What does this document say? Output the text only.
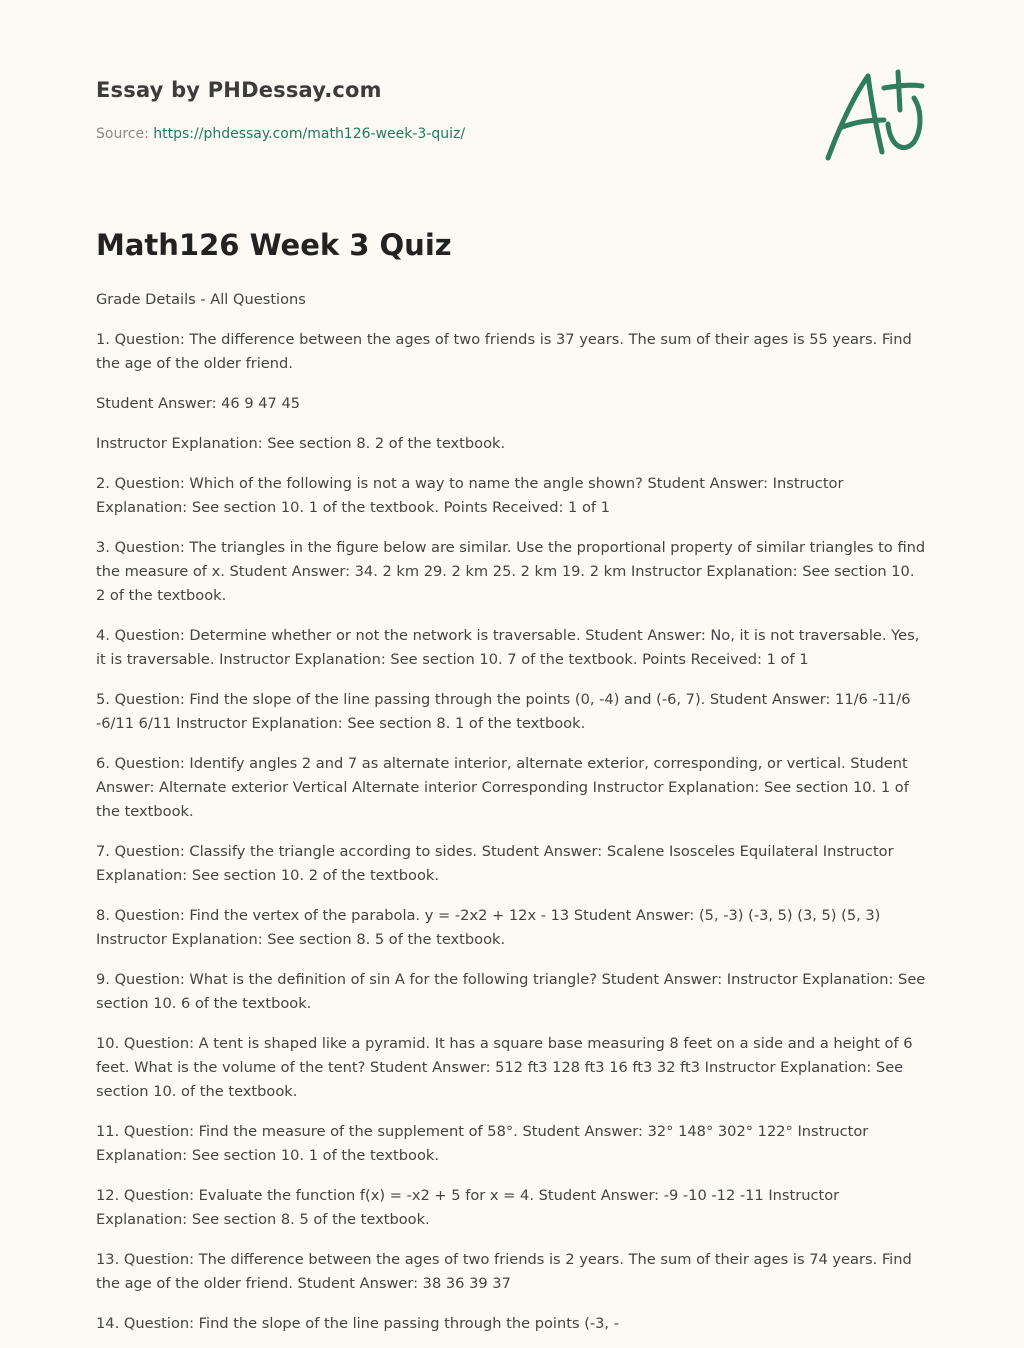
Essay by PHDessay.com
Source: https://phdessay.com/math126-week-3-quiz/
Math126 Week 3 Quiz

Grade Details - All Questions

1. Question: The difference between the ages of two friends is 37 years. The sum of their ages is 55 years. Find the age of the older friend.

Student Answer: 46 9 47 45

Instructor Explanation: See section 8. 2 of the textbook.

2. Question: Which of the following is not a way to name the angle shown? Student Answer: Instructor Explanation: See section 10. 1 of the textbook. Points Received: 1 of 1

3. Question: The triangles in the figure below are similar. Use the proportional property of similar triangles to find the measure of x. Student Answer: 34. 2 km 29. 2 km 25. 2 km 19. 2 km Instructor Explanation: See section 10. 2 of the textbook.

4. Question: Determine whether or not the network is traversable. Student Answer: No, it is not traversable. Yes, it is traversable. Instructor Explanation: See section 10. 7 of the textbook. Points Received: 1 of 1

5. Question: Find the slope of the line passing through the points (0, -4) and (-6, 7). Student Answer: 11/6 -11/6 -6/11 6/11 Instructor Explanation: See section 8. 1 of the textbook.

6. Question: Identify angles 2 and 7 as alternate interior, alternate exterior, corresponding, or vertical. Student Answer: Alternate exterior Vertical Alternate interior Corresponding Instructor Explanation: See section 10. 1 of the textbook.

7. Question: Classify the triangle according to sides. Student Answer: Scalene Isosceles Equilateral Instructor Explanation: See section 10. 2 of the textbook.

8. Question: Find the vertex of the parabola. y = -2x2 + 12x - 13 Student Answer: (5, -3) (-3, 5) (3, 5) (5, 3) Instructor Explanation: See section 8. 5 of the textbook.

9. Question: What is the definition of sin A for the following triangle? Student Answer: Instructor Explanation: See section 10. 6 of the textbook.

10. Question: A tent is shaped like a pyramid. It has a square base measuring 8 feet on a side and a height of 6 feet. What is the volume of the tent? Student Answer: 512 ft3 128 ft3 16 ft3 32 ft3 Instructor Explanation: See section 10. of the textbook.

11. Question: Find the measure of the supplement of 58°. Student Answer: 32° 148° 302° 122° Instructor Explanation: See section 10. 1 of the textbook.

12. Question: Evaluate the function f(x) = -x2 + 5 for x = 4. Student Answer: -9 -10 -12 -11 Instructor Explanation: See section 8. 5 of the textbook.

13. Question: The difference between the ages of two friends is 2 years. The sum of their ages is 74 years. Find the age of the older friend. Student Answer: 38 36 39 37

14. Question: Find the slope of the line passing through the points (-3, -
